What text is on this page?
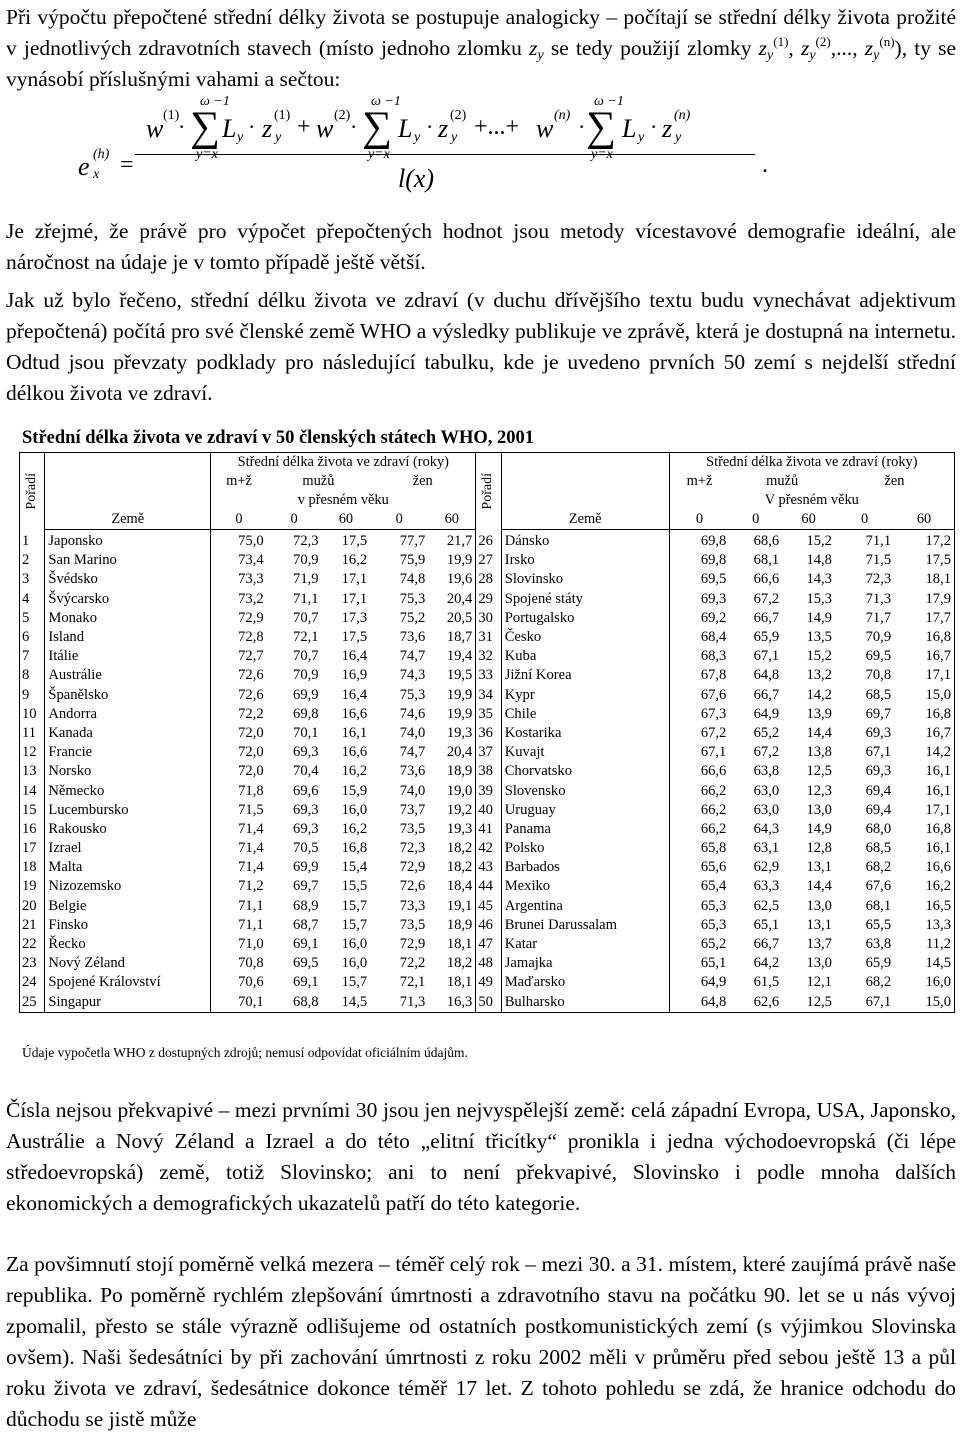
Při výpočtu přepočtené střední délky života se postupuje analogicky – počítají se střední délky života prožité v jednotlivých zdravotních stavech (místo jednoho zlomku $z_y$ se tedy použijí zlomky $z_y^{(1)}$, $z_y^{(2)}$,..., $z_y^{(n)}$), ty se vynásobí příslušnými vahami a sečtou:

e (h)
x =
w (1)
·
ω −1
∑
y=x
L y · z (1)
y + w (2) ·
ω −1
∑
y=x
L y · z (2)
y +...+ w (n) ·
ω −1
∑
y=x
L y · z (n)
y
l(x)	.

Je zřejmé, že právě pro výpočet přepočtených hodnot jsou metody vícestavové demografie ideální, ale náročnost na údaje je v tomto případě ještě větší.

Jak už bylo řečeno, střední délku života ve zdraví (v duchu dřívějšího textu budu vynechávat adjektivum přepočtená) počítá pro své členské země WHO a výsledky publikuje ve zprávě, která je dostupná na internetu. Odtud jsou převzaty podklady pro následující tabulku, kde je uvedeno prvních 50 zemí s nejdelší střední délkou života ve zdraví.

Střední délka života ve zdraví v 50 členských státech WHO, 2001

Pořadí		Střední délka života ve zdraví (roky)					Pořadí		Střední délka života ve zdraví (roky)				
		m+ž	mužů		žen				m+ž	mužů		žen	
		v přesném věku							V přesném věku				
	Země	0	0	60	0	60		Země	0	0	60	0	60
1	Japonsko	75,0	72,3	17,5	77,7	21,7	26	Dánsko	69,8	68,6	15,2	71,1	17,2
2	San Marino	73,4	70,9	16,2	75,9	19,9	27	Irsko	69,8	68,1	14,8	71,5	17,5
3	Švédsko	73,3	71,9	17,1	74,8	19,6	28	Slovinsko	69,5	66,6	14,3	72,3	18,1
4	Švýcarsko	73,2	71,1	17,1	75,3	20,4	29	Spojené státy	69,3	67,2	15,3	71,3	17,9
5	Monako	72,9	70,7	17,3	75,2	20,5	30	Portugalsko	69,2	66,7	14,9	71,7	17,7
6	Island	72,8	72,1	17,5	73,6	18,7	31	Česko	68,4	65,9	13,5	70,9	16,8
7	Itálie	72,7	70,7	16,4	74,7	19,4	32	Kuba	68,3	67,1	15,2	69,5	16,7
8	Austrálie	72,6	70,9	16,9	74,3	19,5	33	Jižní Korea	67,8	64,8	13,2	70,8	17,1
9	Španělsko	72,6	69,9	16,4	75,3	19,9	34	Kypr	67,6	66,7	14,2	68,5	15,0
10	Andorra	72,2	69,8	16,6	74,6	19,9	35	Chile	67,3	64,9	13,9	69,7	16,8
11	Kanada	72,0	70,1	16,1	74,0	19,3	36	Kostarika	67,2	65,2	14,4	69,3	16,7
12	Francie	72,0	69,3	16,6	74,7	20,4	37	Kuvajt	67,1	67,2	13,8	67,1	14,2
13	Norsko	72,0	70,4	16,2	73,6	18,9	38	Chorvatsko	66,6	63,8	12,5	69,3	16,1
14	Německo	71,8	69,6	15,9	74,0	19,0	39	Slovensko	66,2	63,0	12,3	69,4	16,1
15	Lucembursko	71,5	69,3	16,0	73,7	19,2	40	Uruguay	66,2	63,0	13,0	69,4	17,1
16	Rakousko	71,4	69,3	16,2	73,5	19,3	41	Panama	66,2	64,3	14,9	68,0	16,8
17	Izrael	71,4	70,5	16,8	72,3	18,2	42	Polsko	65,8	63,1	12,8	68,5	16,1
18	Malta	71,4	69,9	15,4	72,9	18,2	43	Barbados	65,6	62,9	13,1	68,2	16,6
19	Nizozemsko	71,2	69,7	15,5	72,6	18,4	44	Mexiko	65,4	63,3	14,4	67,6	16,2
20	Belgie	71,1	68,9	15,7	73,3	19,1	45	Argentina	65,3	62,5	13,0	68,1	16,5
21	Finsko	71,1	68,7	15,7	73,5	18,9	46	Brunei Darussalam	65,3	65,1	13,1	65,5	13,3
22	Řecko	71,0	69,1	16,0	72,9	18,1	47	Katar	65,2	66,7	13,7	63,8	11,2
23	Nový Zéland	70,8	69,5	16,0	72,2	18,2	48	Jamajka	65,1	64,2	13,0	65,9	14,5
24	Spojené Království	70,6	69,1	15,7	72,1	18,1	49	Maďarsko	64,9	61,5	12,1	68,2	16,0
25	Singapur	70,1	68,8	14,5	71,3	16,3	50	Bulharsko	64,8	62,6	12,5	67,1	15,0

Údaje vypočetla WHO z dostupných zdrojů; nemusí odpovídat oficiálním údajům.

Čísla nejsou překvapivé – mezi prvními 30 jsou jen nejvyspělejší země: celá západní Evropa, USA, Japonsko, Austrálie a Nový Zéland a Izrael a do této „elitní třicítky“ pronikla i jedna východoevropská (či lépe středoevropská) země, totiž Slovinsko; ani to není překvapivé, Slovinsko i podle mnoha dalších ekonomických a demografických ukazatelů patří do této kategorie.

Za povšimnutí stojí poměrně velká mezera – téměř celý rok – mezi 30. a 31. místem, které zaujímá právě naše republika. Po poměrně rychlém zlepšování úmrtnosti a zdravotního stavu na počátku 90. let se u nás vývoj zpomalil, přesto se stále výrazně odlišujeme od ostatních postkomunistických zemí (s výjimkou Slovinska ovšem). Naši šedesátníci by při zachování úmrtnosti z roku 2002 měli v průměru před sebou ještě 13 a půl roku života ve zdraví, šedesátnice dokonce téměř 17 let. Z tohoto pohledu se zdá, že hranice odchodu do důchodu se jistě může
